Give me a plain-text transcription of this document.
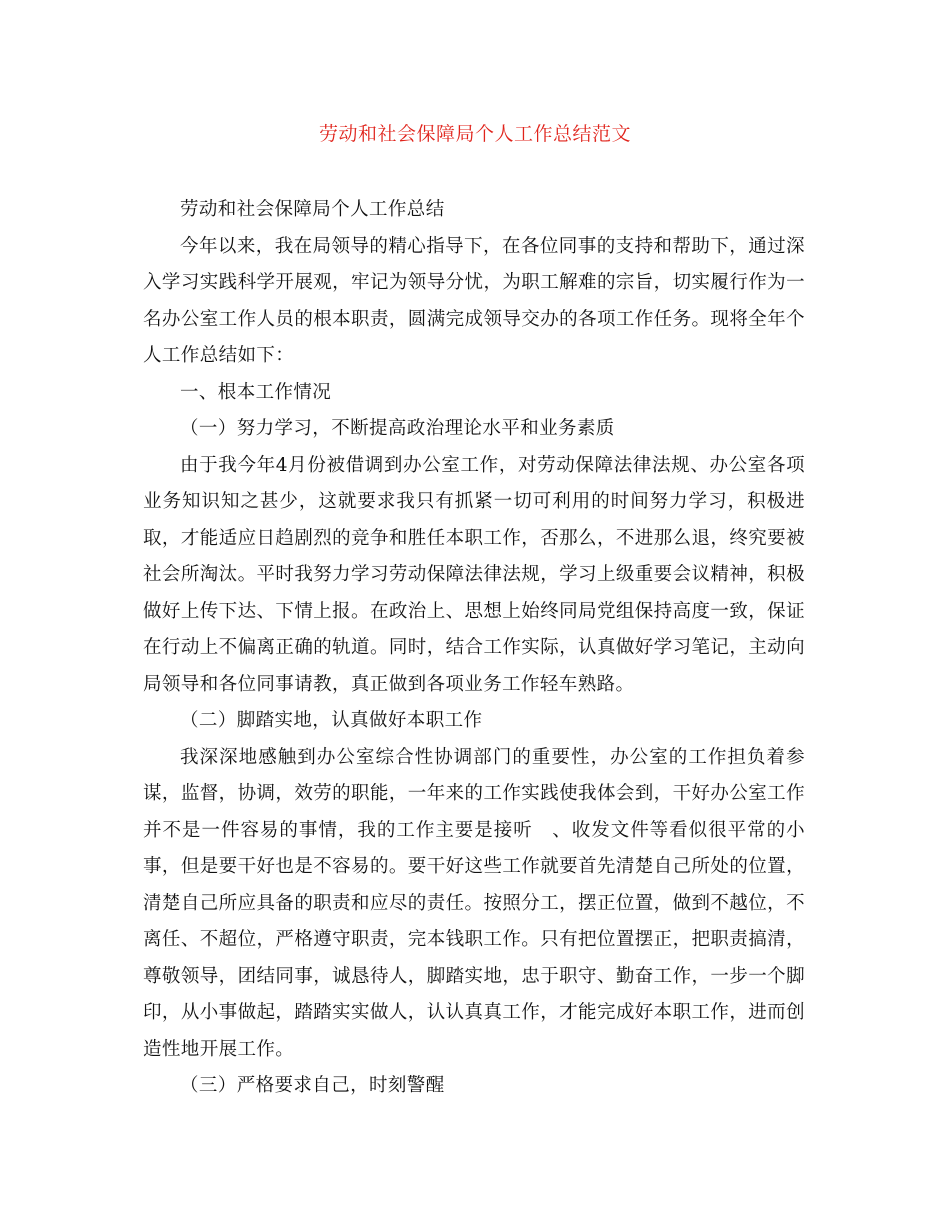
劳动和社会保障局个人工作总结范文

劳动和社会保障局个人工作总结

今年以来，我在局领导的精心指导下，在各位同事的支持和帮助下，通过深入学习实践科学开展观，牢记为领导分忧，为职工解难的宗旨，切实履行作为一名办公室工作人员的根本职责，圆满完成领导交办的各项工作任务。现将全年个人工作总结如下：

一、根本工作情况

（一）努力学习，不断提高政治理论水平和业务素质

由于我今年4月份被借调到办公室工作，对劳动保障法律法规、办公室各项业务知识知之甚少，这就要求我只有抓紧一切可利用的时间努力学习，积极进取，才能适应日趋剧烈的竞争和胜任本职工作，否那么，不进那么退，终究要被社会所淘汰。平时我努力学习劳动保障法律法规，学习上级重要会议精神，积极做好上传下达、下情上报。在政治上、思想上始终同局党组保持高度一致，保证在行动上不偏离正确的轨道。同时，结合工作实际，认真做好学习笔记，主动向局领导和各位同事请教，真正做到各项业务工作轻车熟路。

（二）脚踏实地，认真做好本职工作

我深深地感触到办公室综合性协调部门的重要性，办公室的工作担负着参谋，监督，协调，效劳的职能，一年来的工作实践使我体会到，干好办公室工作并不是一件容易的事情，我的工作主要是接听　、收发文件等看似很平常的小事，但是要干好也是不容易的。要干好这些工作就要首先清楚自己所处的位置，清楚自己所应具备的职责和应尽的责任。按照分工，摆正位置，做到不越位，不离任、不超位，严格遵守职责，完本钱职工作。只有把位置摆正，把职责搞清，尊敬领导，团结同事，诚恳待人，脚踏实地，忠于职守、勤奋工作，一步一个脚印，从小事做起，踏踏实实做人，认认真真工作，才能完成好本职工作，进而创造性地开展工作。

（三）严格要求自己，时刻警醒
